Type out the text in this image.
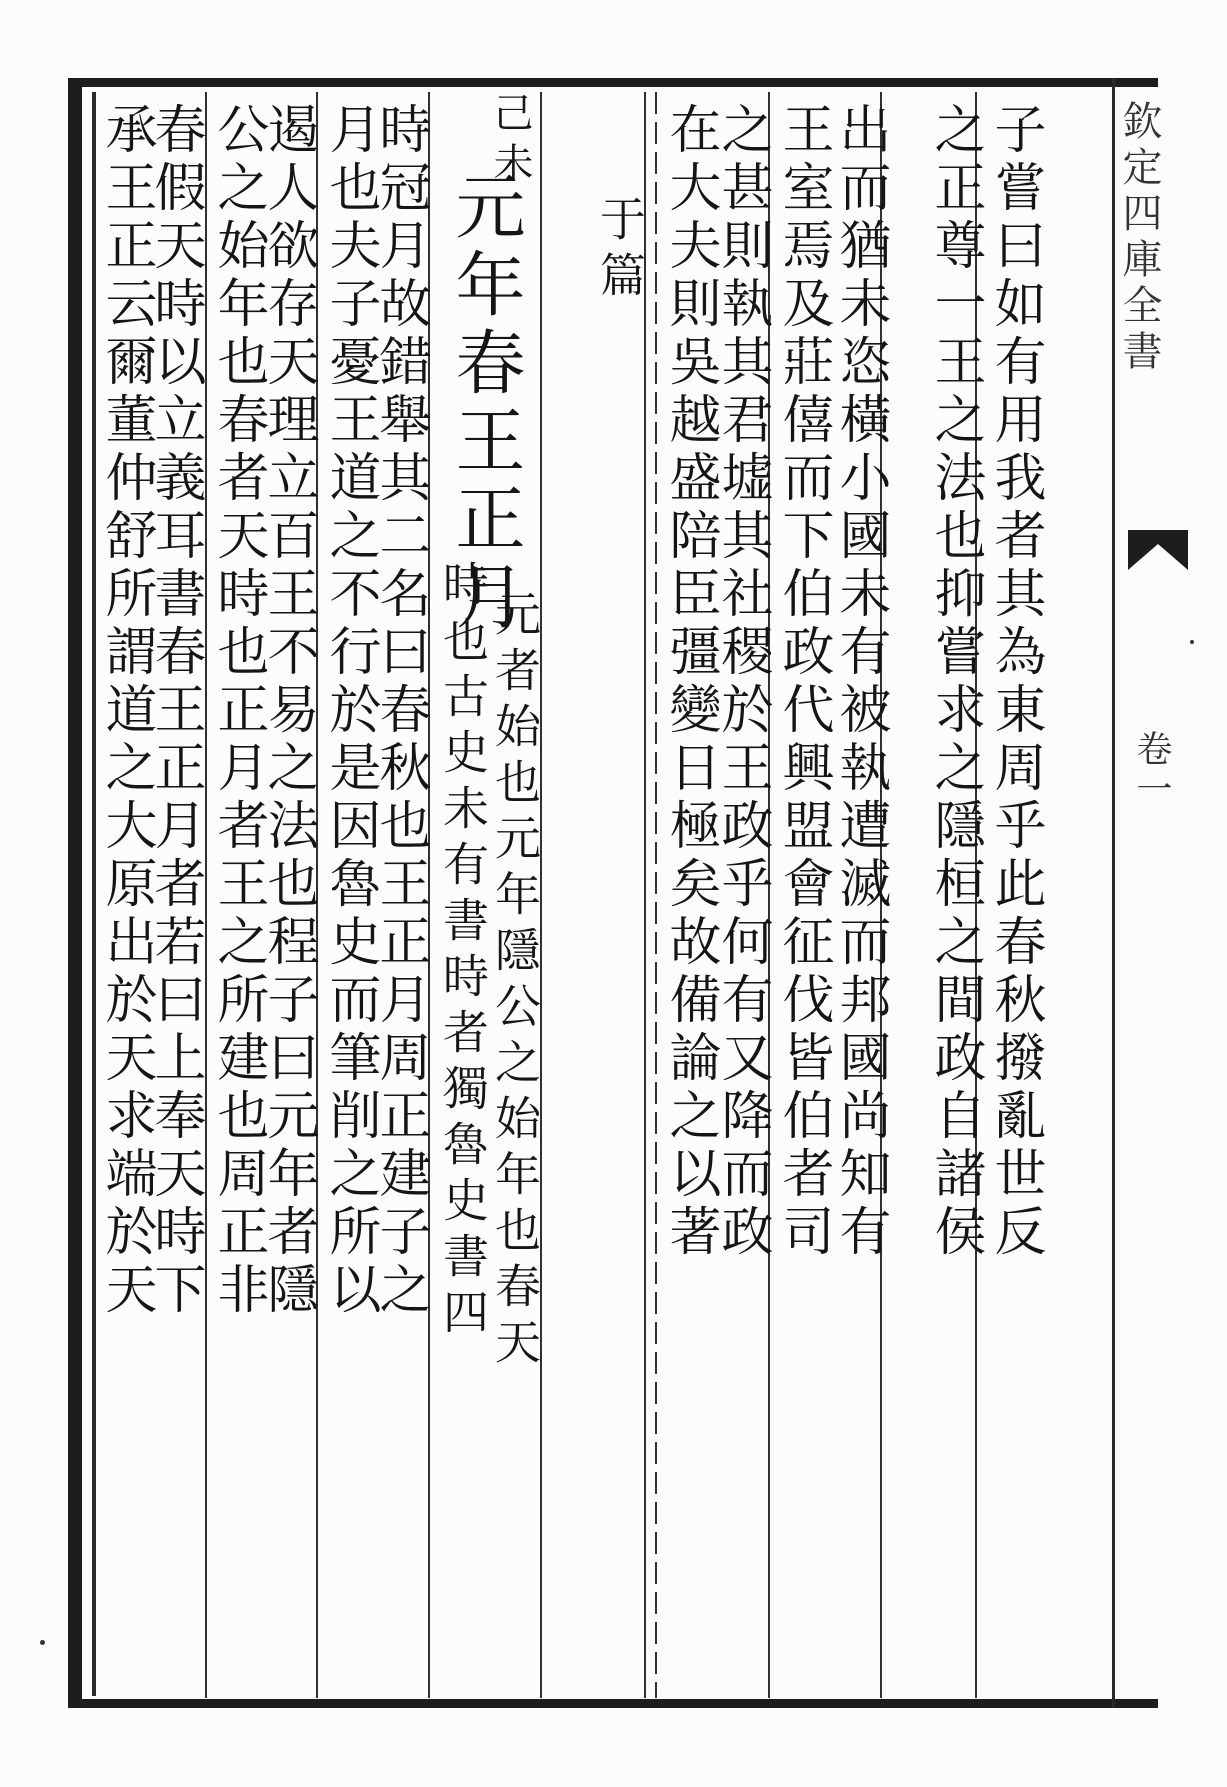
欽定四庫全書
卷一
子嘗曰如有用我者其為東周乎此春秋撥亂世反
之正尊一王之法也抑嘗求之隱桓之間政自諸侯
出而猶未恣橫小國未有被執遭滅而邦國尚知有
王室焉及莊僖而下伯政代興盟會征伐皆伯者司
之甚則執其君墟其社稷於王政乎何有又降而政
在大夫則吳越盛陪臣彊變日極矣故備論之以著
于篇
己未
元年春王正月
元者始也元年隱公之始年也春天
時也古史未有書時者獨魯史書四
時冠月故錯舉其二名曰春秋也王正月周正建子之
月也夫子憂王道之不行於是因魯史而筆削之所以
遏人欲存天理立百王不易之法也程子曰元年者隱
公之始年也春者天時也正月者王之所建也周正非
春假天時以立義耳書春王正月者若曰上奉天時下
承王正云爾董仲舒所謂道之大原出於天求端於天
